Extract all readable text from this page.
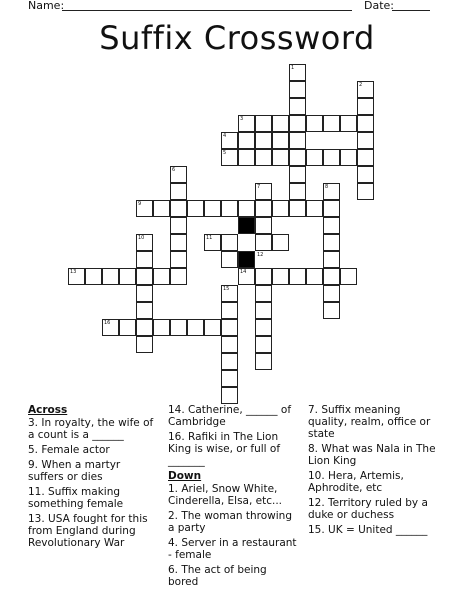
Name:	Date:
Suffix Crossword
1
2
3
4
5
6
7	8
9
10	11
12
13	14
15
16
Across
3. In royalty, the wife of a count is a ______
5. Female actor
9. When a martyr suffers or dies
11. Suffix making something female
13. USA fought for this from England during Revolutionary War
14. Catherine, ______ of Cambridge
16. Rafiki in The Lion King is wise, or full of _______
Down
1. Ariel, Snow White, Cinderella, Elsa, etc...
2. The woman throwing a party
4. Server in a restaurant - female
6. The act of being bored
7. Suffix meaning quality, realm, office or state
8. What was Nala in The Lion King
10. Hera, Artemis, Aphrodite, etc
12. Territory ruled by a duke or duchess
15. UK = United ______
